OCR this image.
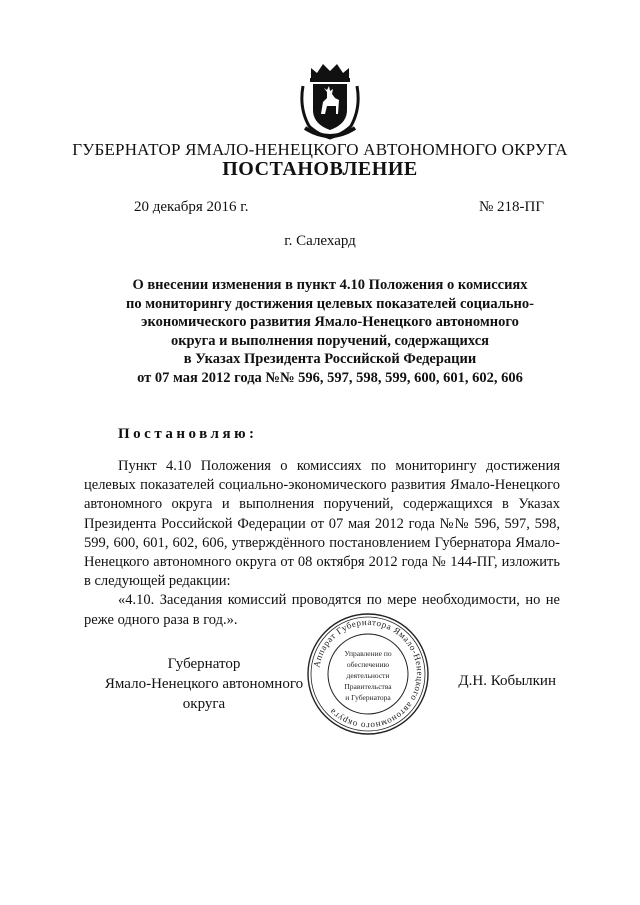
ГУБЕРНАТОР ЯМАЛО-НЕНЕЦКОГО АВТОНОМНОГО ОКРУГА
ПОСТАНОВЛЕНИЕ
20 декабря 2016 г.	№ 218-ПГ
г. Салехард
О внесении изменения в пункт 4.10 Положения о комиссиях
по мониторингу достижения целевых показателей социально-
экономического развития Ямало-Ненецкого автономного
округа и выполнения поручений, содержащихся
в Указах Президента Российской Федерации
от 07 мая 2012 года №№ 596, 597, 598, 599, 600, 601, 602, 606
Постановляю:

Пункт 4.10 Положения о комиссиях по мониторингу достижения целевых показателей социально-экономического развития Ямало-Ненецкого автономного округа и выполнения поручений, содержащихся в Указах Президента Российской Федерации от 07 мая 2012 года №№ 596, 597, 598, 599, 600, 601, 602, 606, утверждённого постановлением Губернатора Ямало-Ненецкого автономного округа от 08 октября 2012 года № 144-ПГ, изложить в следующей редакции:

«4.10. Заседания комиссий проводятся по мере необходимости, но не реже одного раза в год.».

Губернатор
Ямало-Ненецкого автономного округа
Д.Н. Кобылкин
Аппарат Губернатора Ямало-Ненецкого автономного округа
Управление по
обеспечению
деятельности
Правительства
и Губернатора
